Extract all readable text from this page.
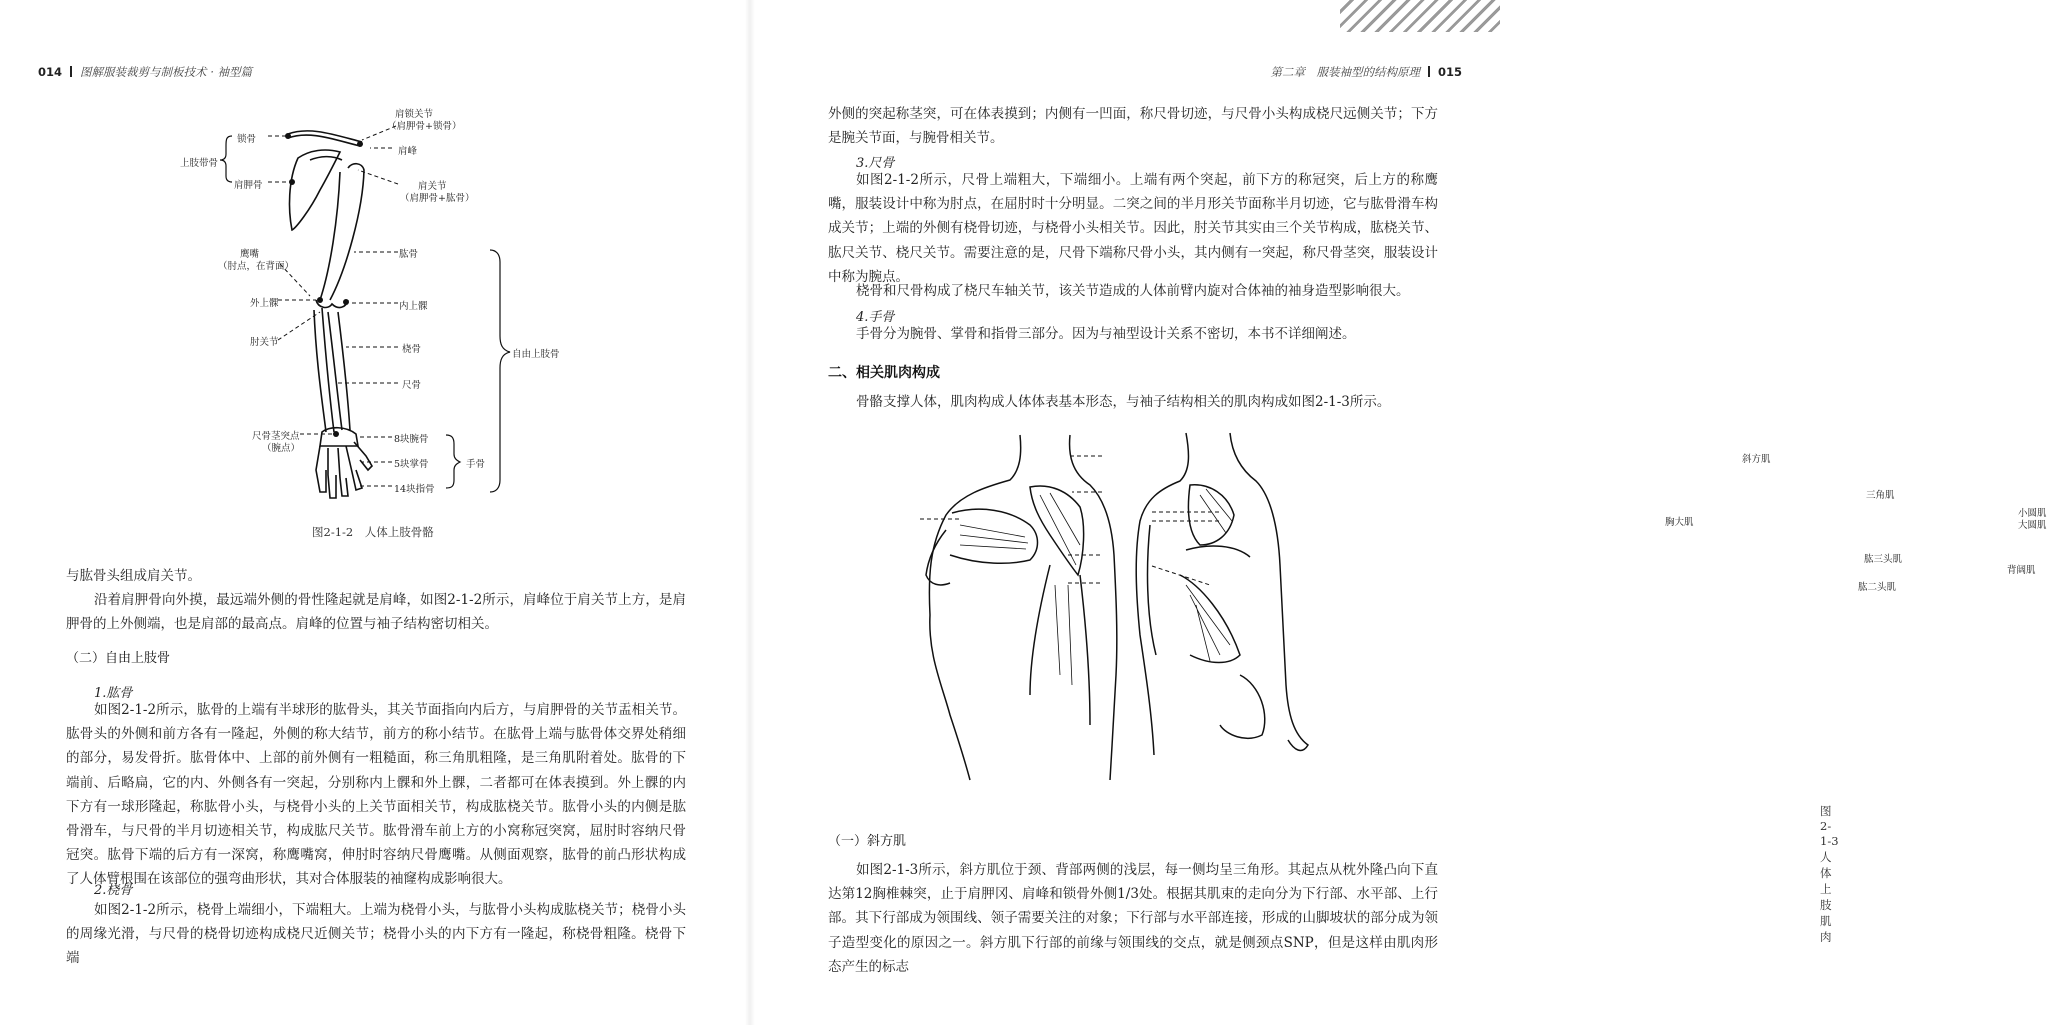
014 图解服装裁剪与制板技术 · 袖型篇
肩锁关节
（肩胛骨+锁骨）
锁骨
肩峰
上肢带骨
肩胛骨	肩关节
（肩胛骨+肱骨）
肱骨
鹰嘴
（肘点，在背面）
外上髁	内上髁
肘关节
桡骨	自由上肢骨
尺骨
尺骨茎突点
（腕点）
8块腕骨
手骨
5块掌骨
14块指骨
图2-1-2　人体上肢骨骼

与肱骨头组成肩关节。

沿着肩胛骨向外摸，最远端外侧的骨性隆起就是肩峰，如图2-1-2所示，肩峰位于肩关节上方，是肩胛骨的上外侧端，也是肩部的最高点。肩峰的位置与袖子结构密切相关。

（二）自由上肢骨
1.肱骨

如图2-1-2所示，肱骨的上端有半球形的肱骨头，其关节面指向内后方，与肩胛骨的关节盂相关节。肱骨头的外侧和前方各有一隆起，外侧的称大结节，前方的称小结节。在肱骨上端与肱骨体交界处稍细的部分，易发骨折。肱骨体中、上部的前外侧有一粗糙面，称三角肌粗隆，是三角肌附着处。肱骨的下端前、后略扁，它的内、外侧各有一突起，分别称内上髁和外上髁，二者都可在体表摸到。外上髁的内下方有一球形隆起，称肱骨小头，与桡骨小头的上关节面相关节，构成肱桡关节。肱骨小头的内侧是肱骨滑车，与尺骨的半月切迹相关节，构成肱尺关节。肱骨滑车前上方的小窝称冠突窝，屈肘时容纳尺骨冠突。肱骨下端的后方有一深窝，称鹰嘴窝，伸肘时容纳尺骨鹰嘴。从侧面观察，肱骨的前凸形状构成了人体臂根围在该部位的强弯曲形状，其对合体服装的袖窿构成影响很大。

2.桡骨

如图2-1-2所示，桡骨上端细小，下端粗大。上端为桡骨小头，与肱骨小头构成肱桡关节；桡骨小头的周缘光滑，与尺骨的桡骨切迹构成桡尺近侧关节；桡骨小头的内下方有一隆起，称桡骨粗隆。桡骨下端

第二章　服装袖型的结构原理 015

外侧的突起称茎突，可在体表摸到；内侧有一凹面，称尺骨切迹，与尺骨小头构成桡尺远侧关节；下方是腕关节面，与腕骨相关节。

3.尺骨

如图2-1-2所示，尺骨上端粗大，下端细小。上端有两个突起，前下方的称冠突，后上方的称鹰嘴，服装设计中称为肘点，在屈肘时十分明显。二突之间的半月形关节面称半月切迹，它与肱骨滑车构成关节；上端的外侧有桡骨切迹，与桡骨小头相关节。因此，肘关节其实由三个关节构成，肱桡关节、肱尺关节、桡尺关节。需要注意的是，尺骨下端称尺骨小头，其内侧有一突起，称尺骨茎突，服装设计中称为腕点。

桡骨和尺骨构成了桡尺车轴关节，该关节造成的人体前臂内旋对合体袖的袖身造型影响很大。

4.手骨

手骨分为腕骨、掌骨和指骨三部分。因为与袖型设计关系不密切，本书不详细阐述。

二、相关肌肉构成

骨骼支撑人体，肌肉构成人体体表基本形态，与袖子结构相关的肌肉构成如图2-1-3所示。

斜方肌
三角肌
胸大肌
小圆肌
大圆肌
肱三头肌
背阔肌
肱二头肌
图2-1-3　人体上肢肌肉
（一）斜方肌

如图2-1-3所示，斜方肌位于颈、背部两侧的浅层，每一侧均呈三角形。其起点从枕外隆凸向下直达第12胸椎棘突，止于肩胛冈、肩峰和锁骨外侧1/3处。根据其肌束的走向分为下行部、水平部、上行部。其下行部成为领围线、领子需要关注的对象；下行部与水平部连接，形成的山脚坡状的部分成为领子造型变化的原因之一。斜方肌下行部的前缘与领围线的交点，就是侧颈点SNP，但是这样由肌肉形态产生的标志
